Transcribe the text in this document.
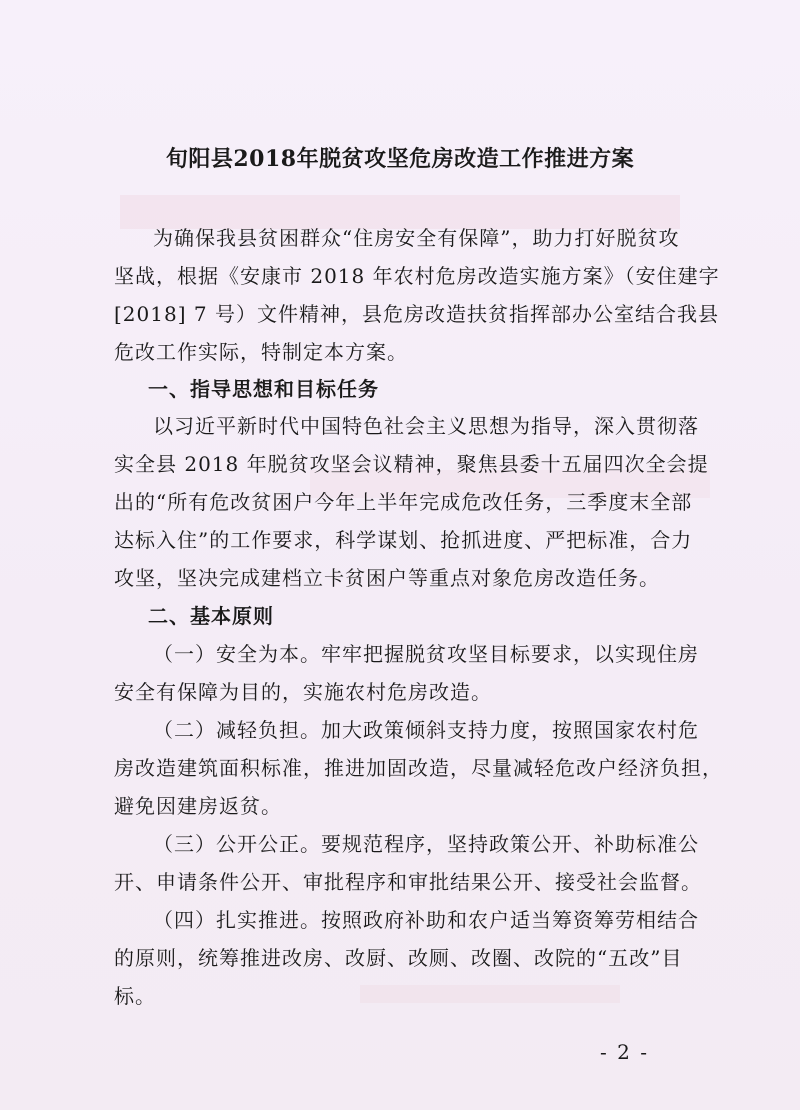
旬阳县2018年脱贫攻坚危房改造工作推进方案
为确保我县贫困群众“住房安全有保障”，助力打好脱贫攻
坚战，根据《安康市 2018 年农村危房改造实施方案》（安住建字
[2018] 7 号）文件精神，县危房改造扶贫指挥部办公室结合我县
危改工作实际，特制定本方案。
一、指导思想和目标任务
以习近平新时代中国特色社会主义思想为指导，深入贯彻落
实全县 2018 年脱贫攻坚会议精神，聚焦县委十五届四次全会提
出的“所有危改贫困户今年上半年完成危改任务，三季度末全部
达标入住”的工作要求，科学谋划、抢抓进度、严把标准，合力
攻坚，坚决完成建档立卡贫困户等重点对象危房改造任务。
二、基本原则
（一）安全为本。牢牢把握脱贫攻坚目标要求，以实现住房
安全有保障为目的，实施农村危房改造。
（二）减轻负担。加大政策倾斜支持力度，按照国家农村危
房改造建筑面积标准，推进加固改造，尽量减轻危改户经济负担，
避免因建房返贫。
（三）公开公正。要规范程序，坚持政策公开、补助标准公
开、申请条件公开、审批程序和审批结果公开、接受社会监督。
（四）扎实推进。按照政府补助和农户适当筹资筹劳相结合
的原则，统筹推进改房、改厨、改厕、改圈、改院的“五改”目
标。
- 2 -
